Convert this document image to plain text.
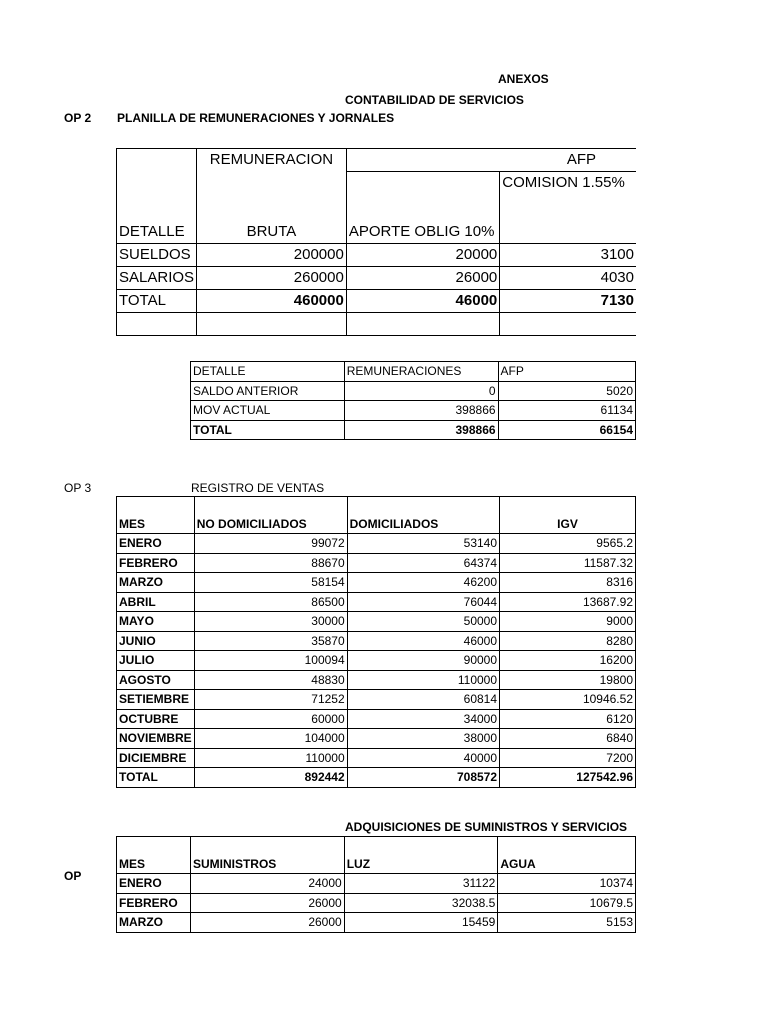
ANEXOS
CONTABILIDAD DE SERVICIOS
OP 2 PLANILLA DE REMUNERACIONES Y JORNALES
	REMUNERACION	AFP	
DETALLE	BRUTA	APORTE OBLIG 10%	COMISION 1.55%

SUELDOS	200000	20000	3100
SALARIOS	260000	26000	4030
TOTAL	460000	46000	7130

DETALLE	REMUNERACIONES	AFP
SALDO ANTERIOR	0	5020
MOV ACTUAL	398866	61134
TOTAL	398866	66154
OP 3	REGISTRO DE VENTAS
MES	NO DOMICILIADOS	DOMICILIADOS	IGV
ENERO	99072	53140	9565.2
FEBRERO	88670	64374	11587.32
MARZO	58154	46200	8316
ABRIL	86500	76044	13687.92
MAYO	30000	50000	9000
JUNIO	35870	46000	8280
JULIO	100094	90000	16200
AGOSTO	48830	110000	19800
SETIEMBRE	71252	60814	10946.52
OCTUBRE	60000	34000	6120
NOVIEMBRE	104000	38000	6840
DICIEMBRE	110000	40000	7200
TOTAL	892442	708572	127542.96
ADQUISICIONES DE SUMINISTROS Y SERVICIOS
OP
MES	SUMINISTROS	LUZ	AGUA
ENERO	24000	31122	10374
FEBRERO	26000	32038.5	10679.5
MARZO	26000	15459	5153
